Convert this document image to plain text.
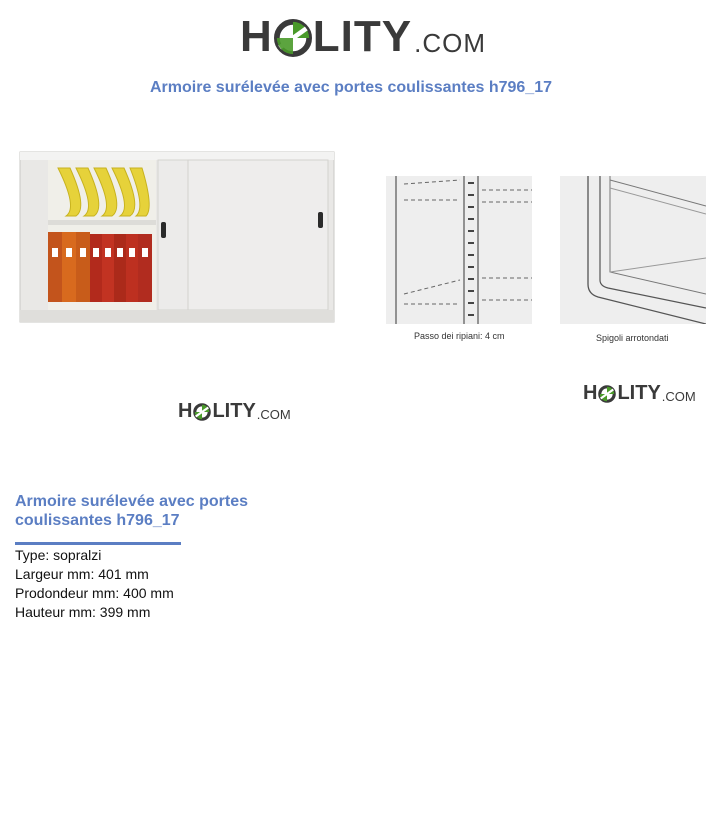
H LITY .COM
Armoire surélevée avec portes coulissantes h796_17
Passo dei ripiani: 4 cm	Spigoli arrotondati
H LITY .COM
H LITY .COM
Armoire surélevée avec portes coulissantes h796_17
Type: sopralzi
Largeur mm: 401 mm
Prodondeur mm: 400 mm
Hauteur mm: 399 mm
